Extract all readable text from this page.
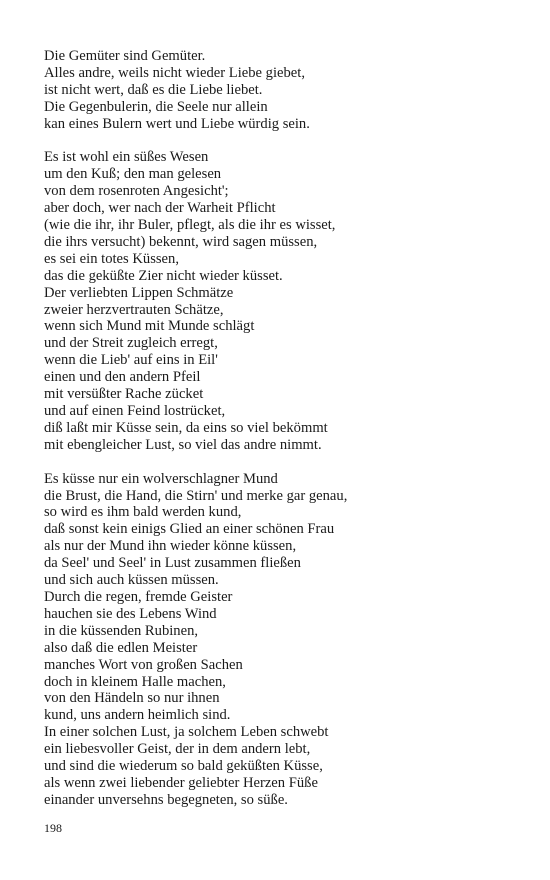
Die Gemüter sind Gemüter.
Alles andre, weils nicht wieder Liebe giebet,
ist nicht wert, daß es die Liebe liebet.
Die Gegenbulerin, die Seele nur allein
kan eines Bulern wert und Liebe würdig sein.
Es ist wohl ein süßes Wesen
um den Kuß; den man gelesen
von dem rosenroten Angesicht';
aber doch, wer nach der Warheit Pflicht
(wie die ihr, ihr Buler, pflegt, als die ihr es wisset,
die ihrs versucht) bekennt, wird sagen müssen,
es sei ein totes Küssen,
das die geküßte Zier nicht wieder küsset.
Der verliebten Lippen Schmätze
zweier herzvertrauten Schätze,
wenn sich Mund mit Munde schlägt
und der Streit zugleich erregt,
wenn die Lieb' auf eins in Eil'
einen und den andern Pfeil
mit versüßter Rache zücket
und auf einen Feind lostrücket,
diß laßt mir Küsse sein, da eins so viel bekömmt
mit ebengleicher Lust, so viel das andre nimmt.
Es küsse nur ein wolverschlagner Mund
die Brust, die Hand, die Stirn' und merke gar genau,
so wird es ihm bald werden kund,
daß sonst kein einigs Glied an einer schönen Frau
als nur der Mund ihn wieder könne küssen,
da Seel' und Seel' in Lust zusammen fließen
und sich auch küssen müssen.
Durch die regen, fremde Geister
hauchen sie des Lebens Wind
in die küssenden Rubinen,
also daß die edlen Meister
manches Wort von großen Sachen
doch in kleinem Halle machen,
von den Händeln so nur ihnen
kund, uns andern heimlich sind.
In einer solchen Lust, ja solchem Leben schwebt
ein liebesvoller Geist, der in dem andern lebt,
und sind die wiederum so bald geküßten Küsse,
als wenn zwei liebender geliebter Herzen Füße
einander unversehns begegneten, so süße.
198
